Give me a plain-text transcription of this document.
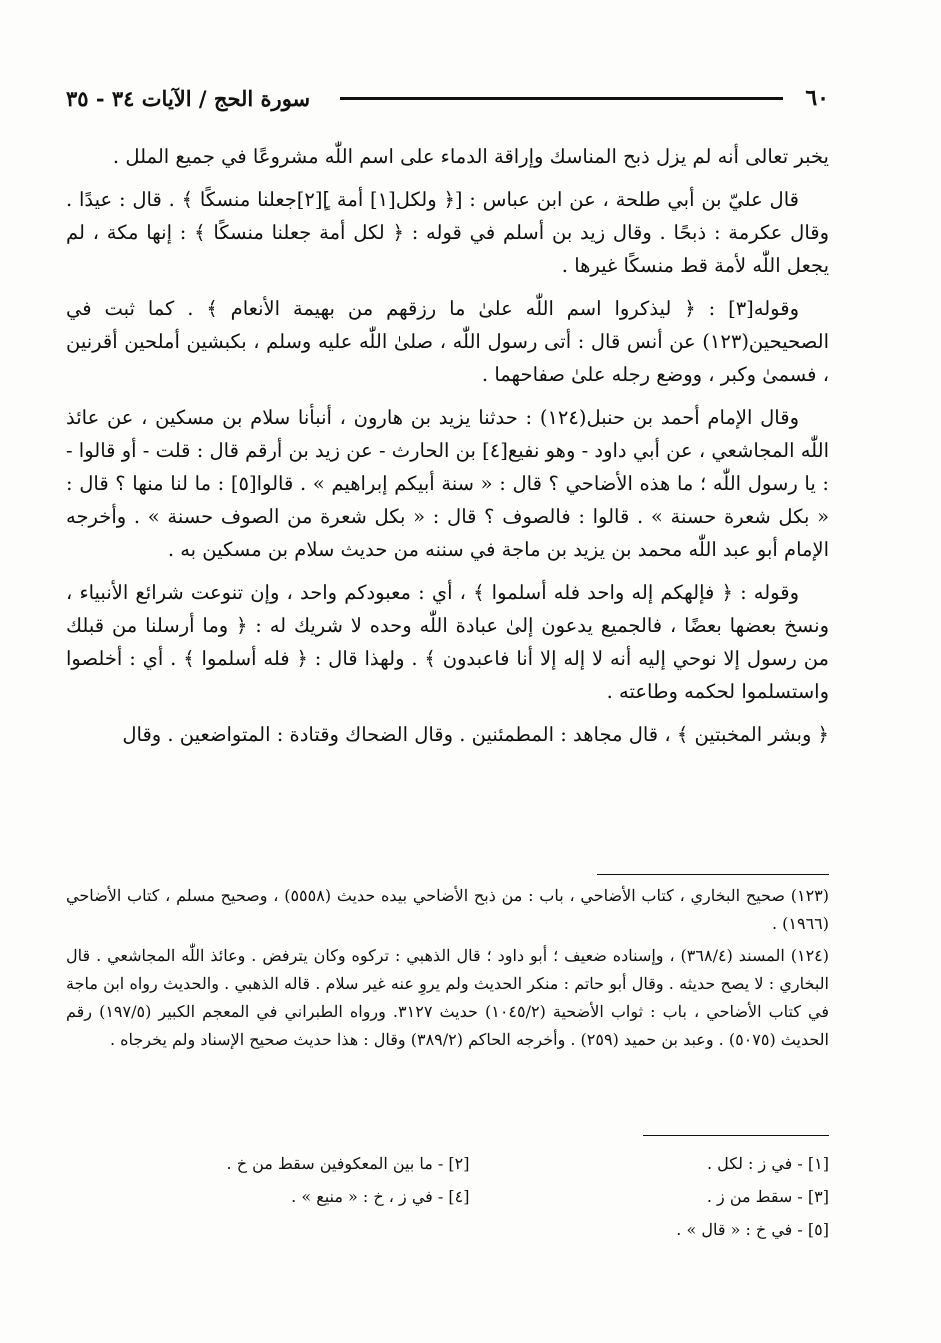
٦٠
سورة الحج / الآيات ٣٤ - ٣٥

يخبر تعالى أنه لم يزل ذبح المناسك وإراقة الدماء على اسم اللّٰه مشروعًا في جميع الملل .

قال عليّ بن أبي طلحة ، عن ابن عباس : [﴿ ولكل[١] أمة ]ٍ[٢]جعلنا منسكًا ﴾ . قال : عيدًا . وقال عكرمة : ذبحًا . وقال زيد بن أسلم في قوله : ﴿ لكل أمة جعلنا منسكًا ﴾ : إنها مكة ، لم يجعل اللّٰه لأمة قط منسكًا غيرها .

وقوله[٣] : ﴿ ليذكروا اسم اللّٰه علىٰ ما رزقهم من بهيمة الأنعام ﴾ . كما ثبت في الصحيحين(١٢٣) عن أنس قال : أتى رسول اللّٰه ، صلىٰ اللّٰه عليه وسلم ، بكبشين أملحين أقرنين ، فسمىٰ وكبر ، ووضع رجله علىٰ صفاحهما .

وقال الإمام أحمد بن حنبل(١٢٤) : حدثنا يزيد بن هارون ، أنبأنا سلام بن مسكين ، عن عائذ اللّٰه المجاشعي ، عن أبي داود - وهو نفيع[٤] بن الحارث - عن زيد بن أرقم قال : قلت - أو قالوا - : يا رسول اللّٰه ؛ ما هذه الأضاحي ؟ قال : « سنة أبيكم إبراهيم » . قالوا[٥] : ما لنا منها ؟ قال : « بكل شعرة حسنة » . قالوا : فالصوف ؟ قال : « بكل شعرة من الصوف حسنة » . وأخرجه الإمام أبو عبد اللّٰه محمد بن يزيد بن ماجة في سننه من حديث سلام بن مسكين به .

وقوله : ﴿ فإلهكم إله واحد فله أسلموا ﴾ ، أي : معبودكم واحد ، وإن تنوعت شرائع الأنبياء ، ونسخ بعضها بعضًا ، فالجميع يدعون إلىٰ عبادة اللّٰه وحده لا شريك له : ﴿ وما أرسلنا من قبلك من رسول إلا نوحي إليه أنه لا إله إلا أنا فاعبدون ﴾ . ولهذا قال : ﴿ فله أسلموا ﴾ . أي : أخلصوا واستسلموا لحكمه وطاعته .

﴿ وبشر المخبتين ﴾ ، قال مجاهد : المطمئنين . وقال الضحاك وقتادة : المتواضعين . وقال

(١٢٣) صحيح البخاري ، كتاب الأضاحي ، باب : من ذبح الأضاحي بيده حديث (٥٥٥٨) ، وصحيح مسلم ، كتاب الأضاحي (١٩٦٦) .

(١٢٤) المسند (٣٦٨/٤) ، وإسناده ضعيف ؛ أبو داود ؛ قال الذهبي : تركوه وكان يترفض . وعائذ اللّٰه المجاشعي . قال البخاري : لا يصح حديثه . وقال أبو حاتم : منكر الحديث ولم يروِ عنه غير سلام . قاله الذهبي . والحديث رواه ابن ماجة في كتاب الأضاحي ، باب : ثواب الأضحية (١٠٤٥/٢) حديث ٣١٢٧. ورواه الطبراني في المعجم الكبير (١٩٧/٥) رقم الحديث (٥٠٧٥) . وعبد بن حميد (٢٥٩) . وأخرجه الحاكم (٣٨٩/٢) وقال : هذا حديث صحيح الإسناد ولم يخرجاه .

[١] - في ز : لكل .
[٢] - ما بين المعكوفين سقط من خ .
[٣] - سقط من ز .
[٤] - في ز ، خ : « منيع » .
[٥] - في خ : « قال » .
